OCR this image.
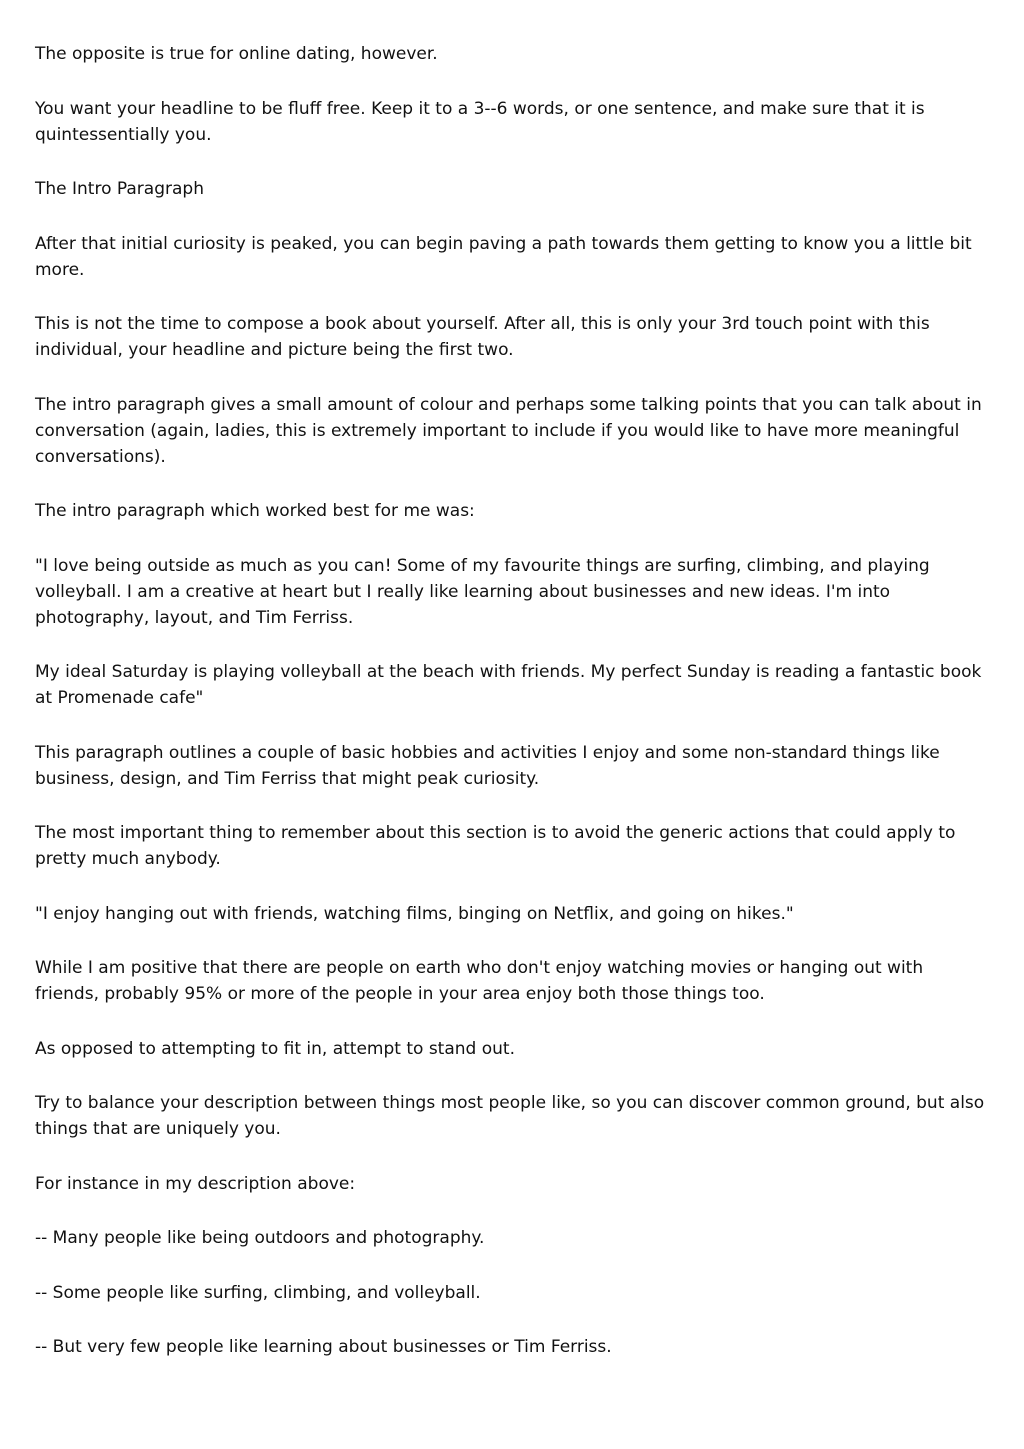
The opposite is true for online dating, however.

You want your headline to be fluff free. Keep it to a 3--6 words, or one sentence, and make sure that it is quintessentially you.

The Intro Paragraph

After that initial curiosity is peaked, you can begin paving a path towards them getting to know you a little bit more.

This is not the time to compose a book about yourself. After all, this is only your 3rd touch point with this individual, your headline and picture being the first two.

The intro paragraph gives a small amount of colour and perhaps some talking points that you can talk about in conversation (again, ladies, this is extremely important to include if you would like to have more meaningful conversations).

The intro paragraph which worked best for me was:

"I love being outside as much as you can! Some of my favourite things are surfing, climbing, and playing volleyball. I am a creative at heart but I really like learning about businesses and new ideas. I'm into photography, layout, and Tim Ferriss.

My ideal Saturday is playing volleyball at the beach with friends. My perfect Sunday is reading a fantastic book at Promenade cafe"

This paragraph outlines a couple of basic hobbies and activities I enjoy and some non-standard things like business, design, and Tim Ferriss that might peak curiosity.

The most important thing to remember about this section is to avoid the generic actions that could apply to pretty much anybody.

"I enjoy hanging out with friends, watching films, binging on Netflix, and going on hikes."

While I am positive that there are people on earth who don't enjoy watching movies or hanging out with friends, probably 95% or more of the people in your area enjoy both those things too.

As opposed to attempting to fit in, attempt to stand out.

Try to balance your description between things most people like, so you can discover common ground, but also things that are uniquely you.

For instance in my description above:

-- Many people like being outdoors and photography.

-- Some people like surfing, climbing, and volleyball.

-- But very few people like learning about businesses or Tim Ferriss.
